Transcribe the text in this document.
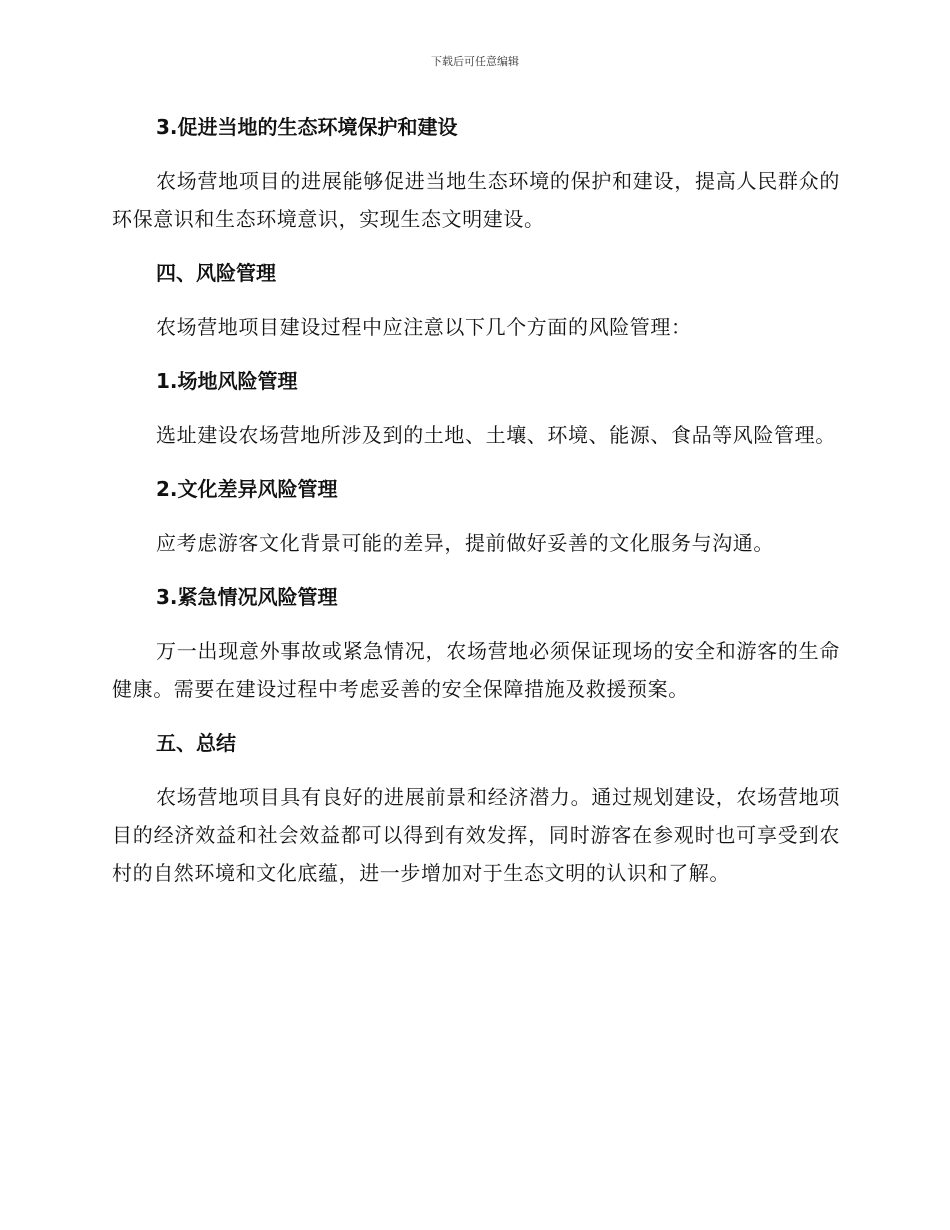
下载后可任意编辑
3.促进当地的生态环境保护和建设

农场营地项目的进展能够促进当地生态环境的保护和建设，提高人民群众的环保意识和生态环境意识，实现生态文明建设。

四、风险管理

农场营地项目建设过程中应注意以下几个方面的风险管理：

1.场地风险管理

选址建设农场营地所涉及到的土地、土壤、环境、能源、食品等风险管理。

2.文化差异风险管理

应考虑游客文化背景可能的差异，提前做好妥善的文化服务与沟通。

3.紧急情况风险管理

万一出现意外事故或紧急情况，农场营地必须保证现场的安全和游客的生命健康。需要在建设过程中考虑妥善的安全保障措施及救援预案。

五、总结

农场营地项目具有良好的进展前景和经济潜力。通过规划建设，农场营地项目的经济效益和社会效益都可以得到有效发挥，同时游客在参观时也可享受到农村的自然环境和文化底蕴，进一步增加对于生态文明的认识和了解。
